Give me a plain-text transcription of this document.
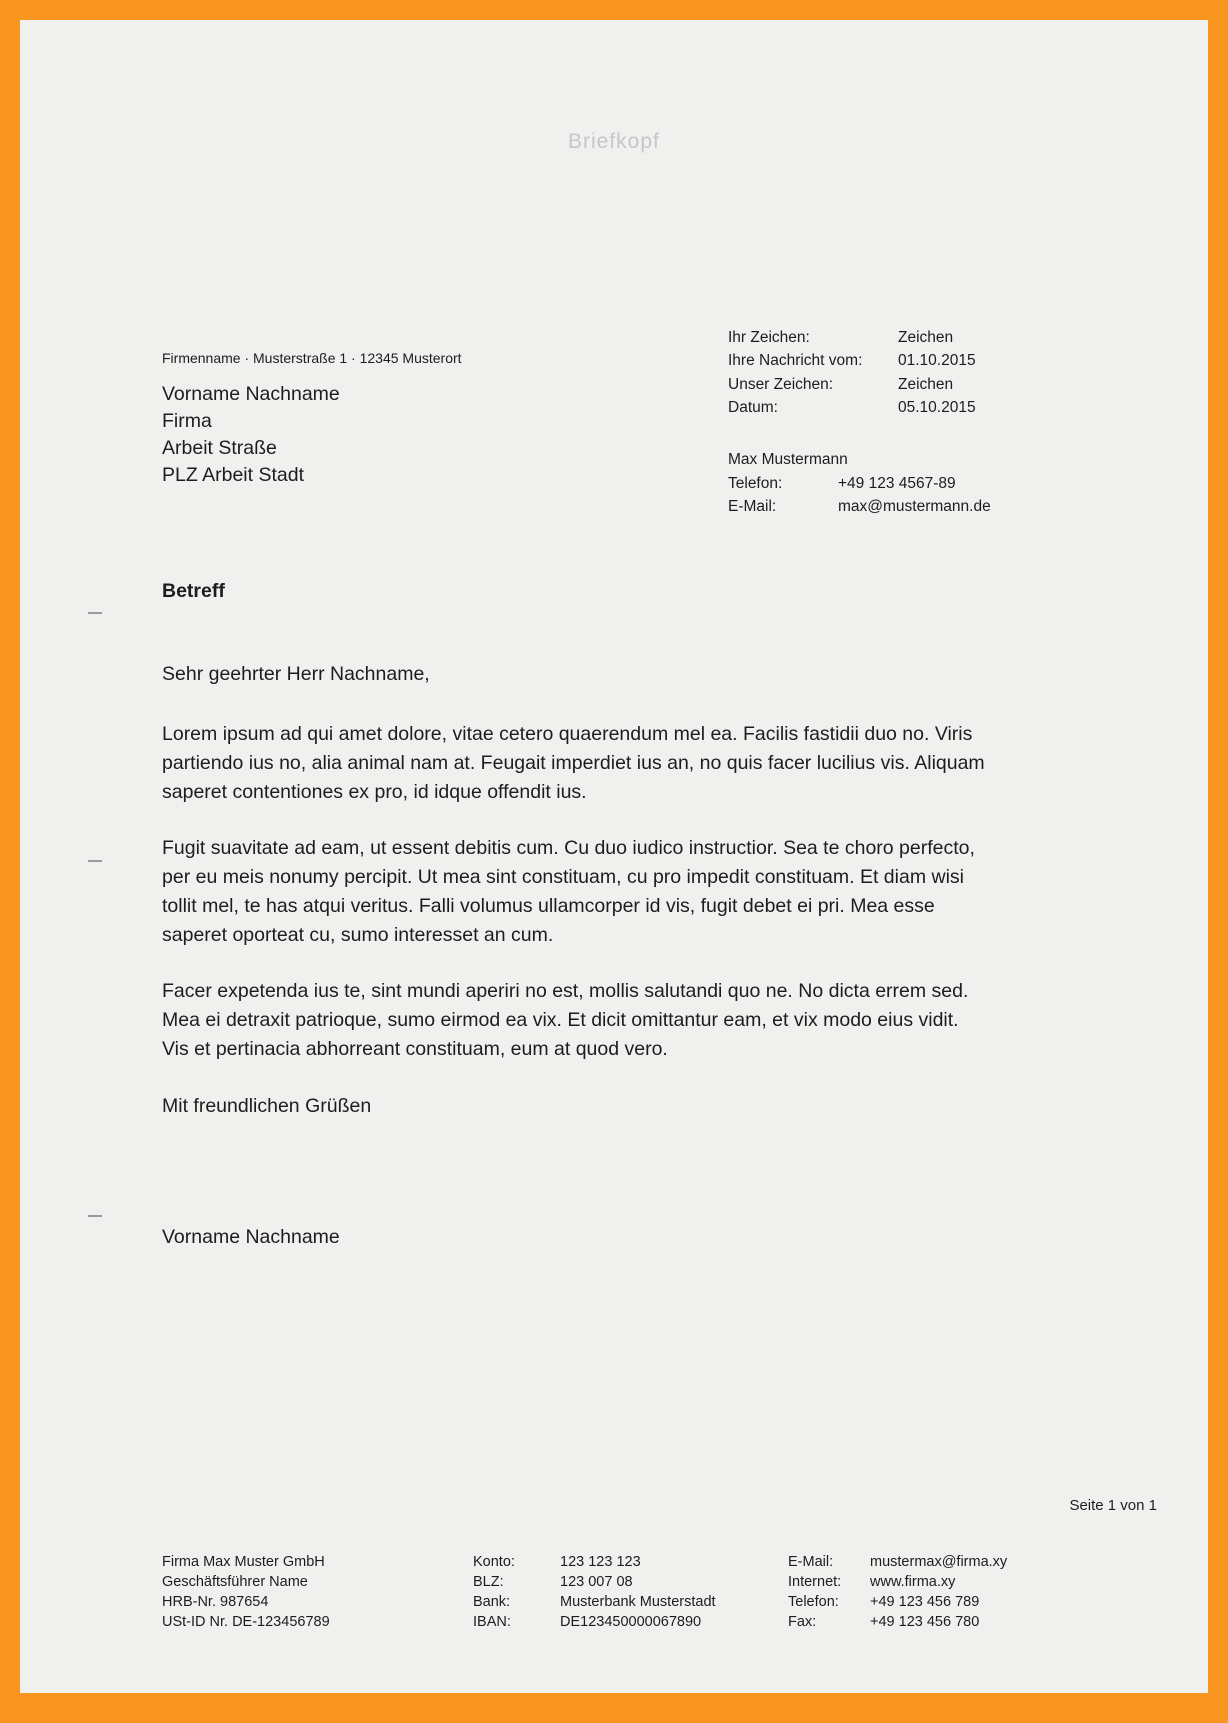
Briefkopf
Firmenname · Musterstraße 1 · 12345 Musterort
Vorname Nachname
Firma
Arbeit Straße
PLZ Arbeit Stadt
Ihr Zeichen:	Zeichen
Ihre Nachricht vom:	01.10.2015
Unser Zeichen:	Zeichen
Datum:	05.10.2015
Max Mustermann
Telefon:	+49 123 4567-89
E-Mail:	max@mustermann.de
Betreff
Sehr geehrter Herr Nachname,
Lorem ipsum ad qui amet dolore, vitae cetero quaerendum mel ea. Facilis fastidii duo no. Viris
partiendo ius no, alia animal nam at. Feugait imperdiet ius an, no quis facer lucilius vis. Aliquam
saperet contentiones ex pro, id idque offendit ius.
Fugit suavitate ad eam, ut essent debitis cum. Cu duo iudico instructior. Sea te choro perfecto,
per eu meis nonumy percipit. Ut mea sint constituam, cu pro impedit constituam. Et diam wisi
tollit mel, te has atqui veritus. Falli volumus ullamcorper id vis, fugit debet ei pri. Mea esse
saperet oporteat cu, sumo interesset an cum.
Facer expetenda ius te, sint mundi aperiri no est, mollis salutandi quo ne. No dicta errem sed.
Mea ei detraxit patrioque, sumo eirmod ea vix. Et dicit omittantur eam, et vix modo eius vidit.
Vis et pertinacia abhorreant constituam, eum at quod vero.
Mit freundlichen Grüßen
Vorname Nachname
Seite 1 von 1
Firma Max Muster GmbH
Geschäftsführer Name
HRB-Nr. 987654
USt-ID Nr. DE-123456789
Konto:	123 123 123
BLZ:	123 007 08
Bank:	Musterbank Musterstadt
IBAN:	DE123450000067890
E-Mail:	mustermax@firma.xy
Internet:	www.firma.xy
Telefon:	+49 123 456 789
Fax:	+49 123 456 780
